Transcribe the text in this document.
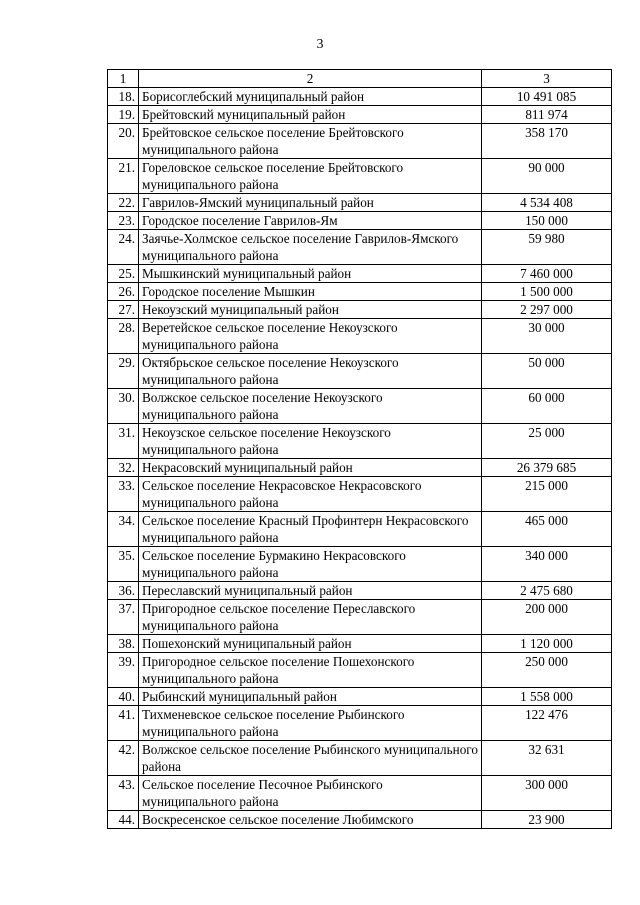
3
1	2	3
18.	Борисоглебский муниципальный район	10 491 085
19.	Брейтовский муниципальный район	811 974
20.	Брейтовское сельское поселение Брейтовского муниципального района	358 170
21.	Гореловское сельское поселение Брейтовского муниципального района	90 000
22.	Гаврилов-Ямский муниципальный район	4 534 408
23.	Городское поселение Гаврилов-Ям	150 000
24.	Заячье-Холмское сельское поселение Гаврилов-Ямского муниципального района	59 980
25.	Мышкинский муниципальный район	7 460 000
26.	Городское поселение Мышкин	1 500 000
27.	Некоузский муниципальный район	2 297 000
28.	Веретейское сельское поселение Некоузского муниципального района	30 000
29.	Октябрьское сельское поселение Некоузского муниципального района	50 000
30.	Волжское сельское поселение Некоузского муниципального района	60 000
31.	Некоузское сельское поселение Некоузского муниципального района	25 000
32.	Некрасовский муниципальный район	26 379 685
33.	Сельское поселение Некрасовское Некрасовского муниципального района	215 000
34.	Сельское поселение Красный Профинтерн Некрасовского муниципального района	465 000
35.	Сельское поселение Бурмакино Некрасовского муниципального района	340 000
36.	Переславский муниципальный район	2 475 680
37.	Пригородное сельское поселение Переславского муниципального района	200 000
38.	Пошехонский муниципальный район	1 120 000
39.	Пригородное сельское поселение Пошехонского муниципального района	250 000
40.	Рыбинский муниципальный район	1 558 000
41.	Тихменевское сельское поселение Рыбинского муниципального района	122 476
42.	Волжское сельское поселение Рыбинского муниципального района	32 631
43.	Сельское поселение Песочное Рыбинского муниципального района	300 000
44.	Воскресенское сельское поселение Любимского	23 900
